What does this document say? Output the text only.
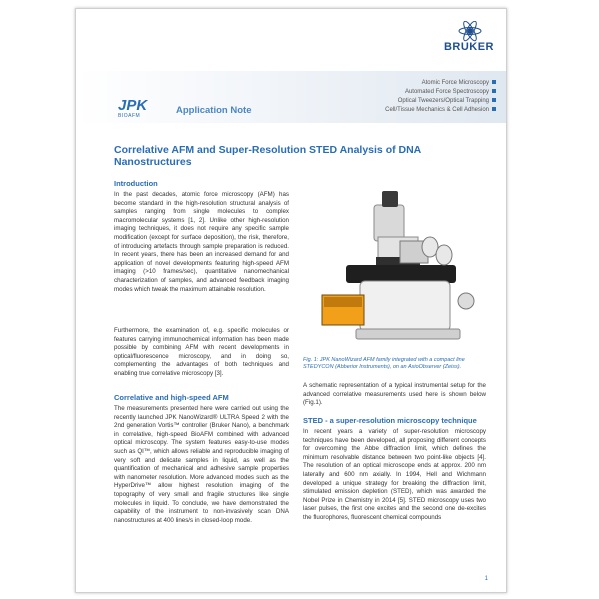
BRUKER
JPK
BIOAFM	Application Note
Atomic Force Microscopy
Automated Force Spectroscopy
Optical Tweezers/Optical Trapping
Cell/Tissue Mechanics & Cell Adhesion
Correlative AFM and Super-Resolution STED Analysis of DNA Nanostructures
Introduction
In the past decades, atomic force microscopy (AFM) has become standard in the high-resolution structural analysis of samples ranging from single molecules to complex macromolecular systems [1, 2]. Unlike other high-resolution imaging techniques, it does not require any specific sample modification (except for surface deposition), the risk, therefore, of introducing artefacts through sample preparation is reduced. In recent years, there has been an increased demand for and application of novel developments featuring high-speed AFM imaging (>10 frames/sec), quantitative nanomechanical characterization of samples, and advanced feedback imaging modes which tweak the maximum attainable resolution.
Furthermore, the examination of, e.g. specific molecules or features carrying immunochemical information has been made possible by combining AFM with recent developments in optical/fluorescence microscopy, and in doing so, complementing the advantages of both techniques and enabling true correlative microscopy [3].
Correlative and high-speed AFM
The measurements presented here were carried out using the recently launched JPK NanoWizard® ULTRA Speed 2 with the 2nd generation Vortis™ controller (Bruker Nano), a benchmark in correlative, high-speed BioAFM combined with advanced optical microscopy. The system features easy-to-use modes such as QI™, which allows reliable and reproducible imaging of very soft and delicate samples in liquid, as well as the quantification of mechanical and adhesive sample properties with nanometer resolution. More advanced modes such as the HyperDrive™ allow highest resolution imaging of the topography of very small and fragile structures like single molecules in liquid. To conclude, we have demonstrated the capability of the instrument to non-invasively scan DNA nanostructures at 400 lines/s in closed-loop mode.
Fig. 1: JPK NanoWizard AFM family integrated with a compact line STEDYCON (Abberior Instruments), on an AxioObserver (Zeiss).
A schematic representation of a typical instrumental setup for the advanced correlative measurements used here is shown below (Fig.1).
STED - a super-resolution microscopy technique
In recent years a variety of super-resolution microscopy techniques have been developed, all proposing different concepts for overcoming the Abbe diffraction limit, which defines the minimum resolvable distance between two point-like objects [4]. The resolution of an optical microscope ends at approx. 200 nm laterally and 600 nm axially. In 1994, Hell and Wichmann developed a unique strategy for breaking the diffraction limit, stimulated emission depletion (STED), which was awarded the Nobel Prize in Chemistry in 2014 [5]. STED microscopy uses two laser pulses, the first one excites and the second one de-excites the fluorophores, fluorescent chemical compounds
1
